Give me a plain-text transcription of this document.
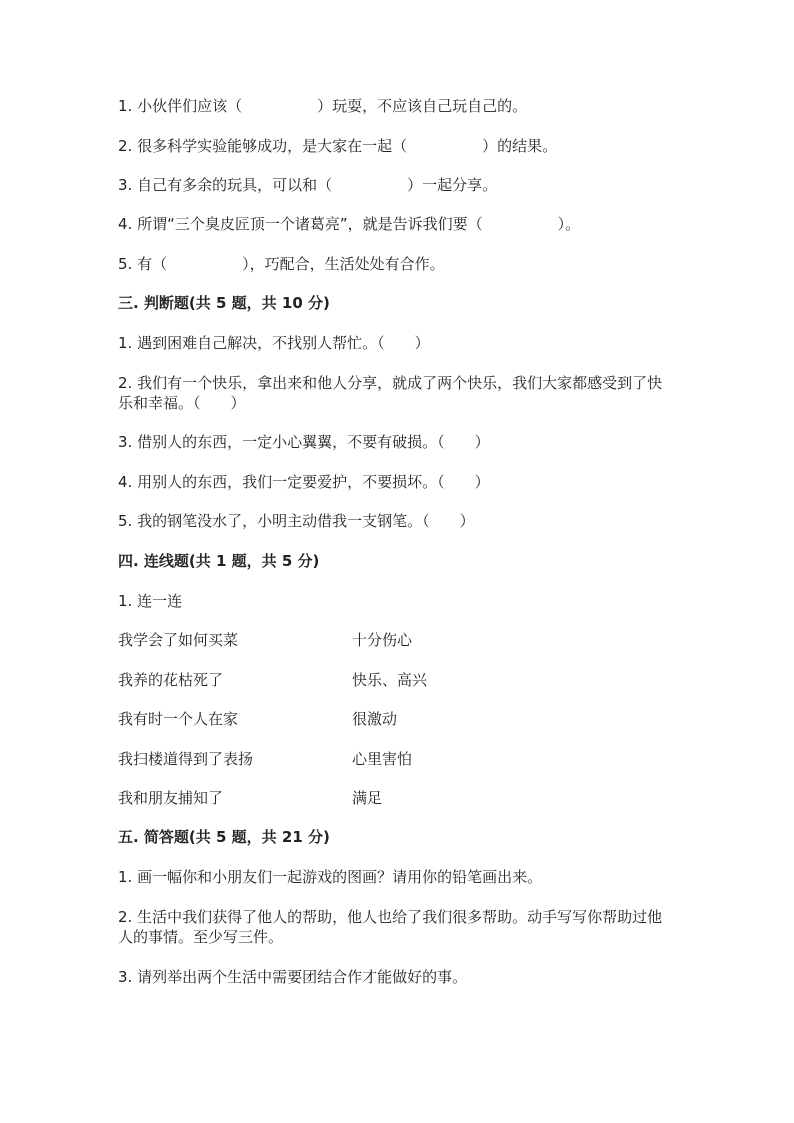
1. 小伙伴们应该（　　　　　）玩耍，不应该自己玩自己的。
2. 很多科学实验能够成功，是大家在一起（　　　　　）的结果。
3. 自己有多余的玩具，可以和（　　　　　）一起分享。
4. 所谓“三个臭皮匠顶一个诸葛亮”，就是告诉我们要（　　　　　）。
5. 有（　　　　　），巧配合，生活处处有合作。
三. 判断题(共 5 题，共 10 分)
1. 遇到困难自己解决，不找别人帮忙。（　　）
2. 我们有一个快乐，拿出来和他人分享，就成了两个快乐，我们大家都感受到了快乐和幸福。（　　）
3. 借别人的东西，一定小心翼翼，不要有破损。（　　）
4. 用别人的东西，我们一定要爱护，不要损坏。（　　）
5. 我的钢笔没水了，小明主动借我一支钢笔。（　　）
四. 连线题(共 1 题，共 5 分)
1. 连一连
我学会了如何买菜	十分伤心
我养的花枯死了	快乐、高兴
我有时一个人在家	很激动
我扫楼道得到了表扬	心里害怕
我和朋友捕知了	满足
五. 简答题(共 5 题，共 21 分)
1. 画一幅你和小朋友们一起游戏的图画？请用你的铅笔画出来。
2. 生活中我们获得了他人的帮助，他人也给了我们很多帮助。动手写写你帮助过他人的事情。至少写三件。
3. 请列举出两个生活中需要团结合作才能做好的事。
